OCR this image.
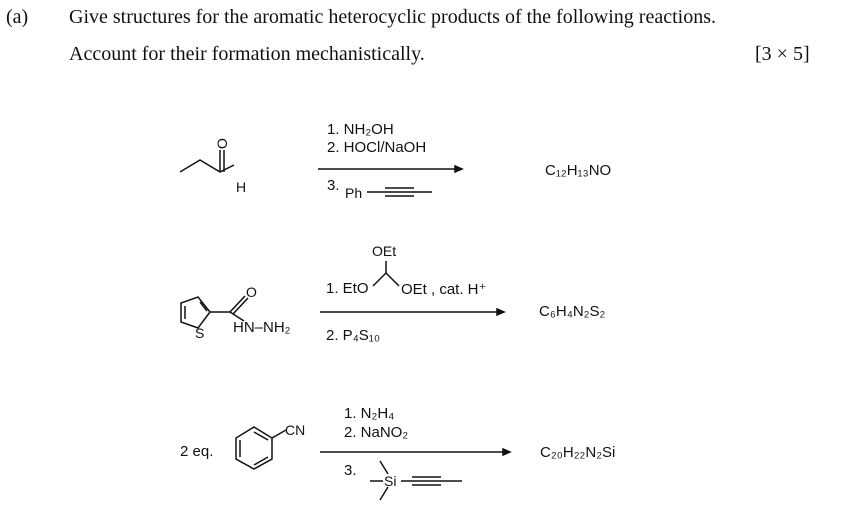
(a) Give structures for the aromatic heterocyclic products of the following reactions.
Account for their formation mechanistically.	[3 × 5]
O
H	Ph
S
O
CN
Si
OEt
1. NH₂OH
2. HOCl/NaOH
3.
C₁₂H₁₃NO
HN–NH₂
1. EtO OEt , cat. H⁺
2. P₄S₁₀
C₆H₄N₂S₂
2 eq.
1. N₂H₄
2. NaNO₂
3.
C₂₀H₂₂N₂Si
